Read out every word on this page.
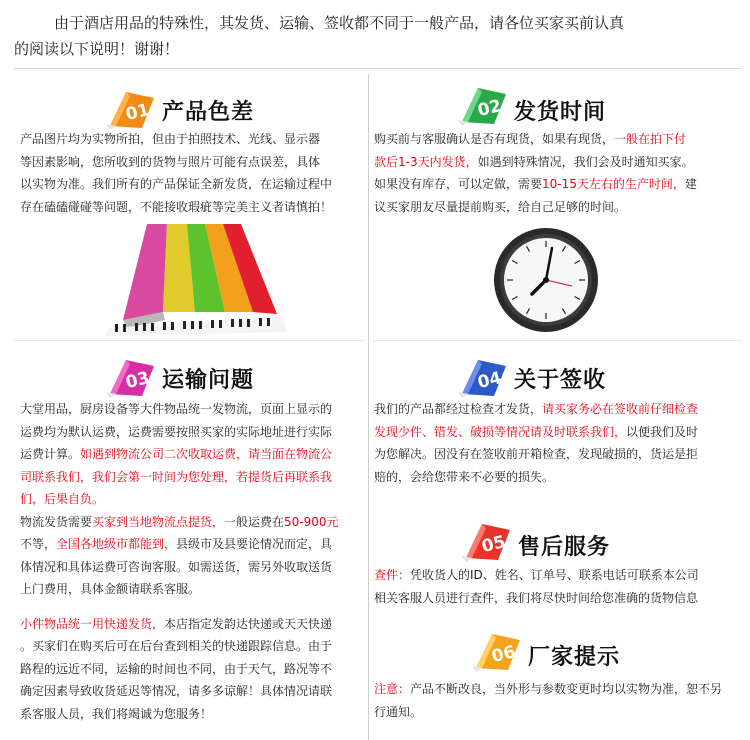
由于酒店用品的特殊性，其发货、运输、签收都不同于一般产品，请各位买家买前认真
的阅读以下说明！谢谢！
01 产品色差
产品图片均为实物所拍，但由于拍照技术、光线、显示器
等因素影响，您所收到的货物与照片可能有点误差，具体
以实物为准。我们所有的产品保证全新发货，在运输过程中
存在磕磕碰碰等问题，不能接收瑕疵等完美主义者请慎拍！
02 发货时间
购买前与客服确认是否有现货，如果有现货，一般在拍下付
款后1-3天内发货，如遇到特殊情况，我们会及时通知买家。
如果没有库存，可以定做，需要10-15天左右的生产时间，建
议买家朋友尽量提前购买，给自己足够的时间。
03 运输问题
大堂用品，厨房设备等大件物品统一发物流，页面上显示的
运费均为默认运费，运费需要按照买家的实际地址进行实际
运费计算。如遇到物流公司二次收取运费，请当面在物流公
司联系我们，我们会第一时间为您处理，若提货后再联系我
们，后果自负。
物流发货需要买家到当地物流点提货，一般运费在50-900元
不等，全国各地级市都能到，县级市及县要论情况而定，具
体情况和具体运费可咨询客服。如需送货，需另外收取送货
上门费用，具体金额请联系客服。
小件物品统一用快递发货，本店指定发韵达快递或天天快递
。买家们在购买后可在后台查到相关的快递跟踪信息。由于
路程的远近不同，运输的时间也不同，由于天气，路况等不
确定因素导致收货延迟等情况，请多多谅解！具体情况请联
系客服人员，我们将竭诚为您服务！
04 关于签收
我们的产品都经过检查才发货，请买家务必在签收前仔细检查
发现少件、错发、破损等情况请及时联系我们，以便我们及时
为您解决。因没有在签收前开箱检查，发现破损的，货运是拒
赔的，会给您带来不必要的损失。
05 售后服务
查件：凭收货人的ID、姓名、订单号、联系电话可联系本公司
相关客服人员进行查件，我们将尽快时间给您准确的货物信息
06 厂家提示
注意：产品不断改良，当外形与参数变更时均以实物为准，恕不另
行通知。
